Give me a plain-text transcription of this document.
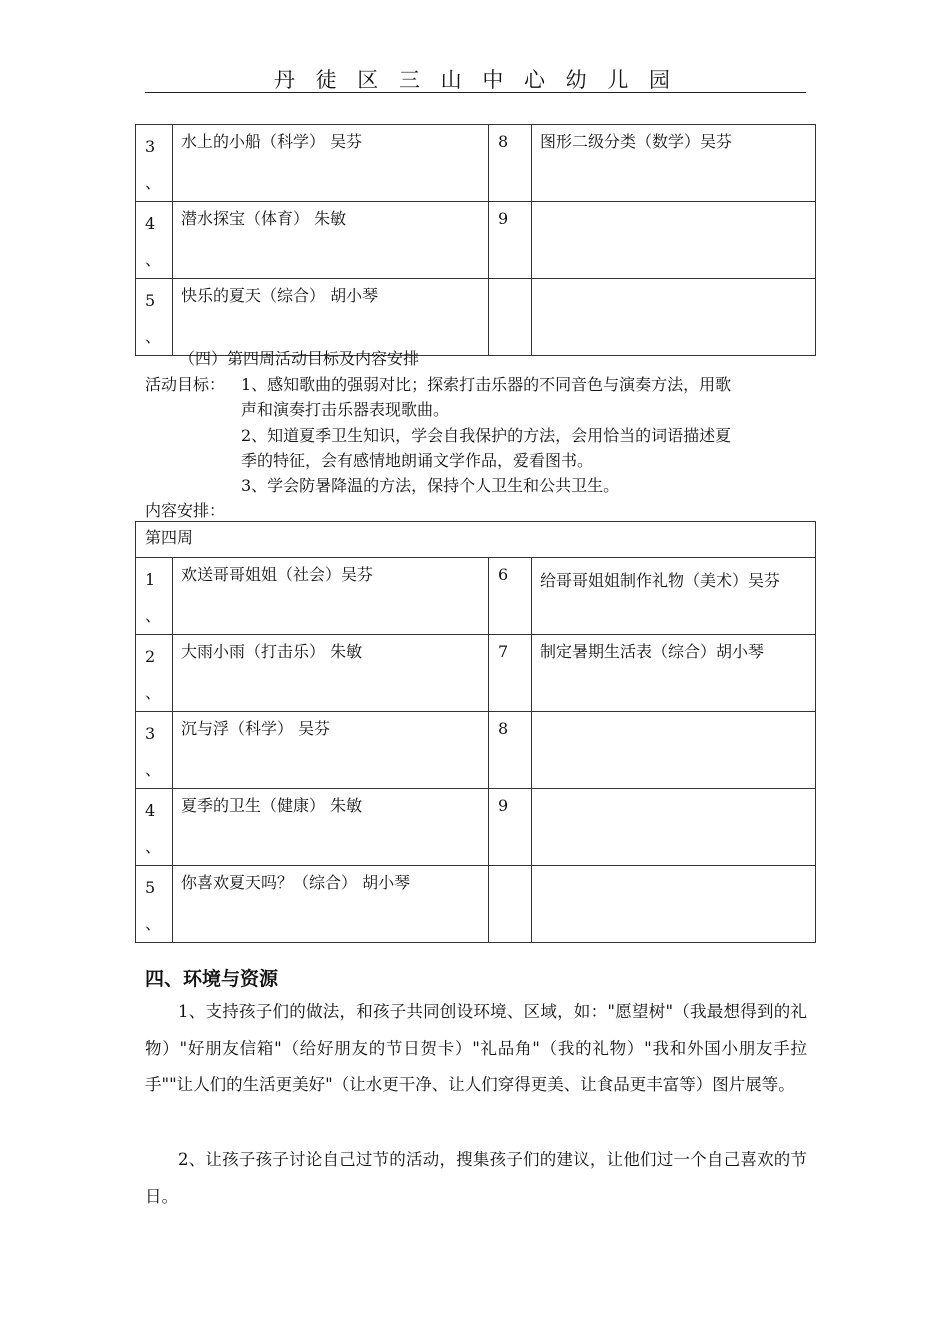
丹 徒 区 三 山 中 心 幼 儿 园
3
、	水上的小船（科学） 吴芬	8	图形二级分类（数学）吴芬

4
、	潜水探宝（体育） 朱敏	9	

5
、	快乐的夏天（综合） 胡小琴		
（四）第四周活动目标及内容安排
活动目标： 1、感知歌曲的强弱对比；探索打击乐器的不同音色与演奏方法，用歌
声和演奏打击乐器表现歌曲。
2、知道夏季卫生知识，学会自我保护的方法，会用恰当的词语描述夏
季的特征，会有感情地朗诵文学作品，爱看图书。
3、学会防暑降温的方法，保持个人卫生和公共卫生。
内容安排：
第四周			

1
、	欢送哥哥姐姐（社会）吴芬	6	给哥哥姐姐制作礼物（美术）吴芬

2
、	大雨小雨（打击乐） 朱敏	7	制定暑期生活表（综合）胡小琴

3
、	沉与浮（科学） 吴芬	8	

4
、	夏季的卫生（健康） 朱敏	9	

5
、	你喜欢夏天吗？（综合） 胡小琴		
四、环境与资源
1、支持孩子们的做法，和孩子共同创设环境、区域，如："愿望树"（我最想得到的礼物）"好朋友信箱"（给好朋友的节日贺卡）"礼品角"（我的礼物）"我和外国小朋友手拉手""让人们的生活更美好"（让水更干净、让人们穿得更美、让食品更丰富等）图片展等。
2、让孩子孩子讨论自己过节的活动，搜集孩子们的建议，让他们过一个自己喜欢的节日。
